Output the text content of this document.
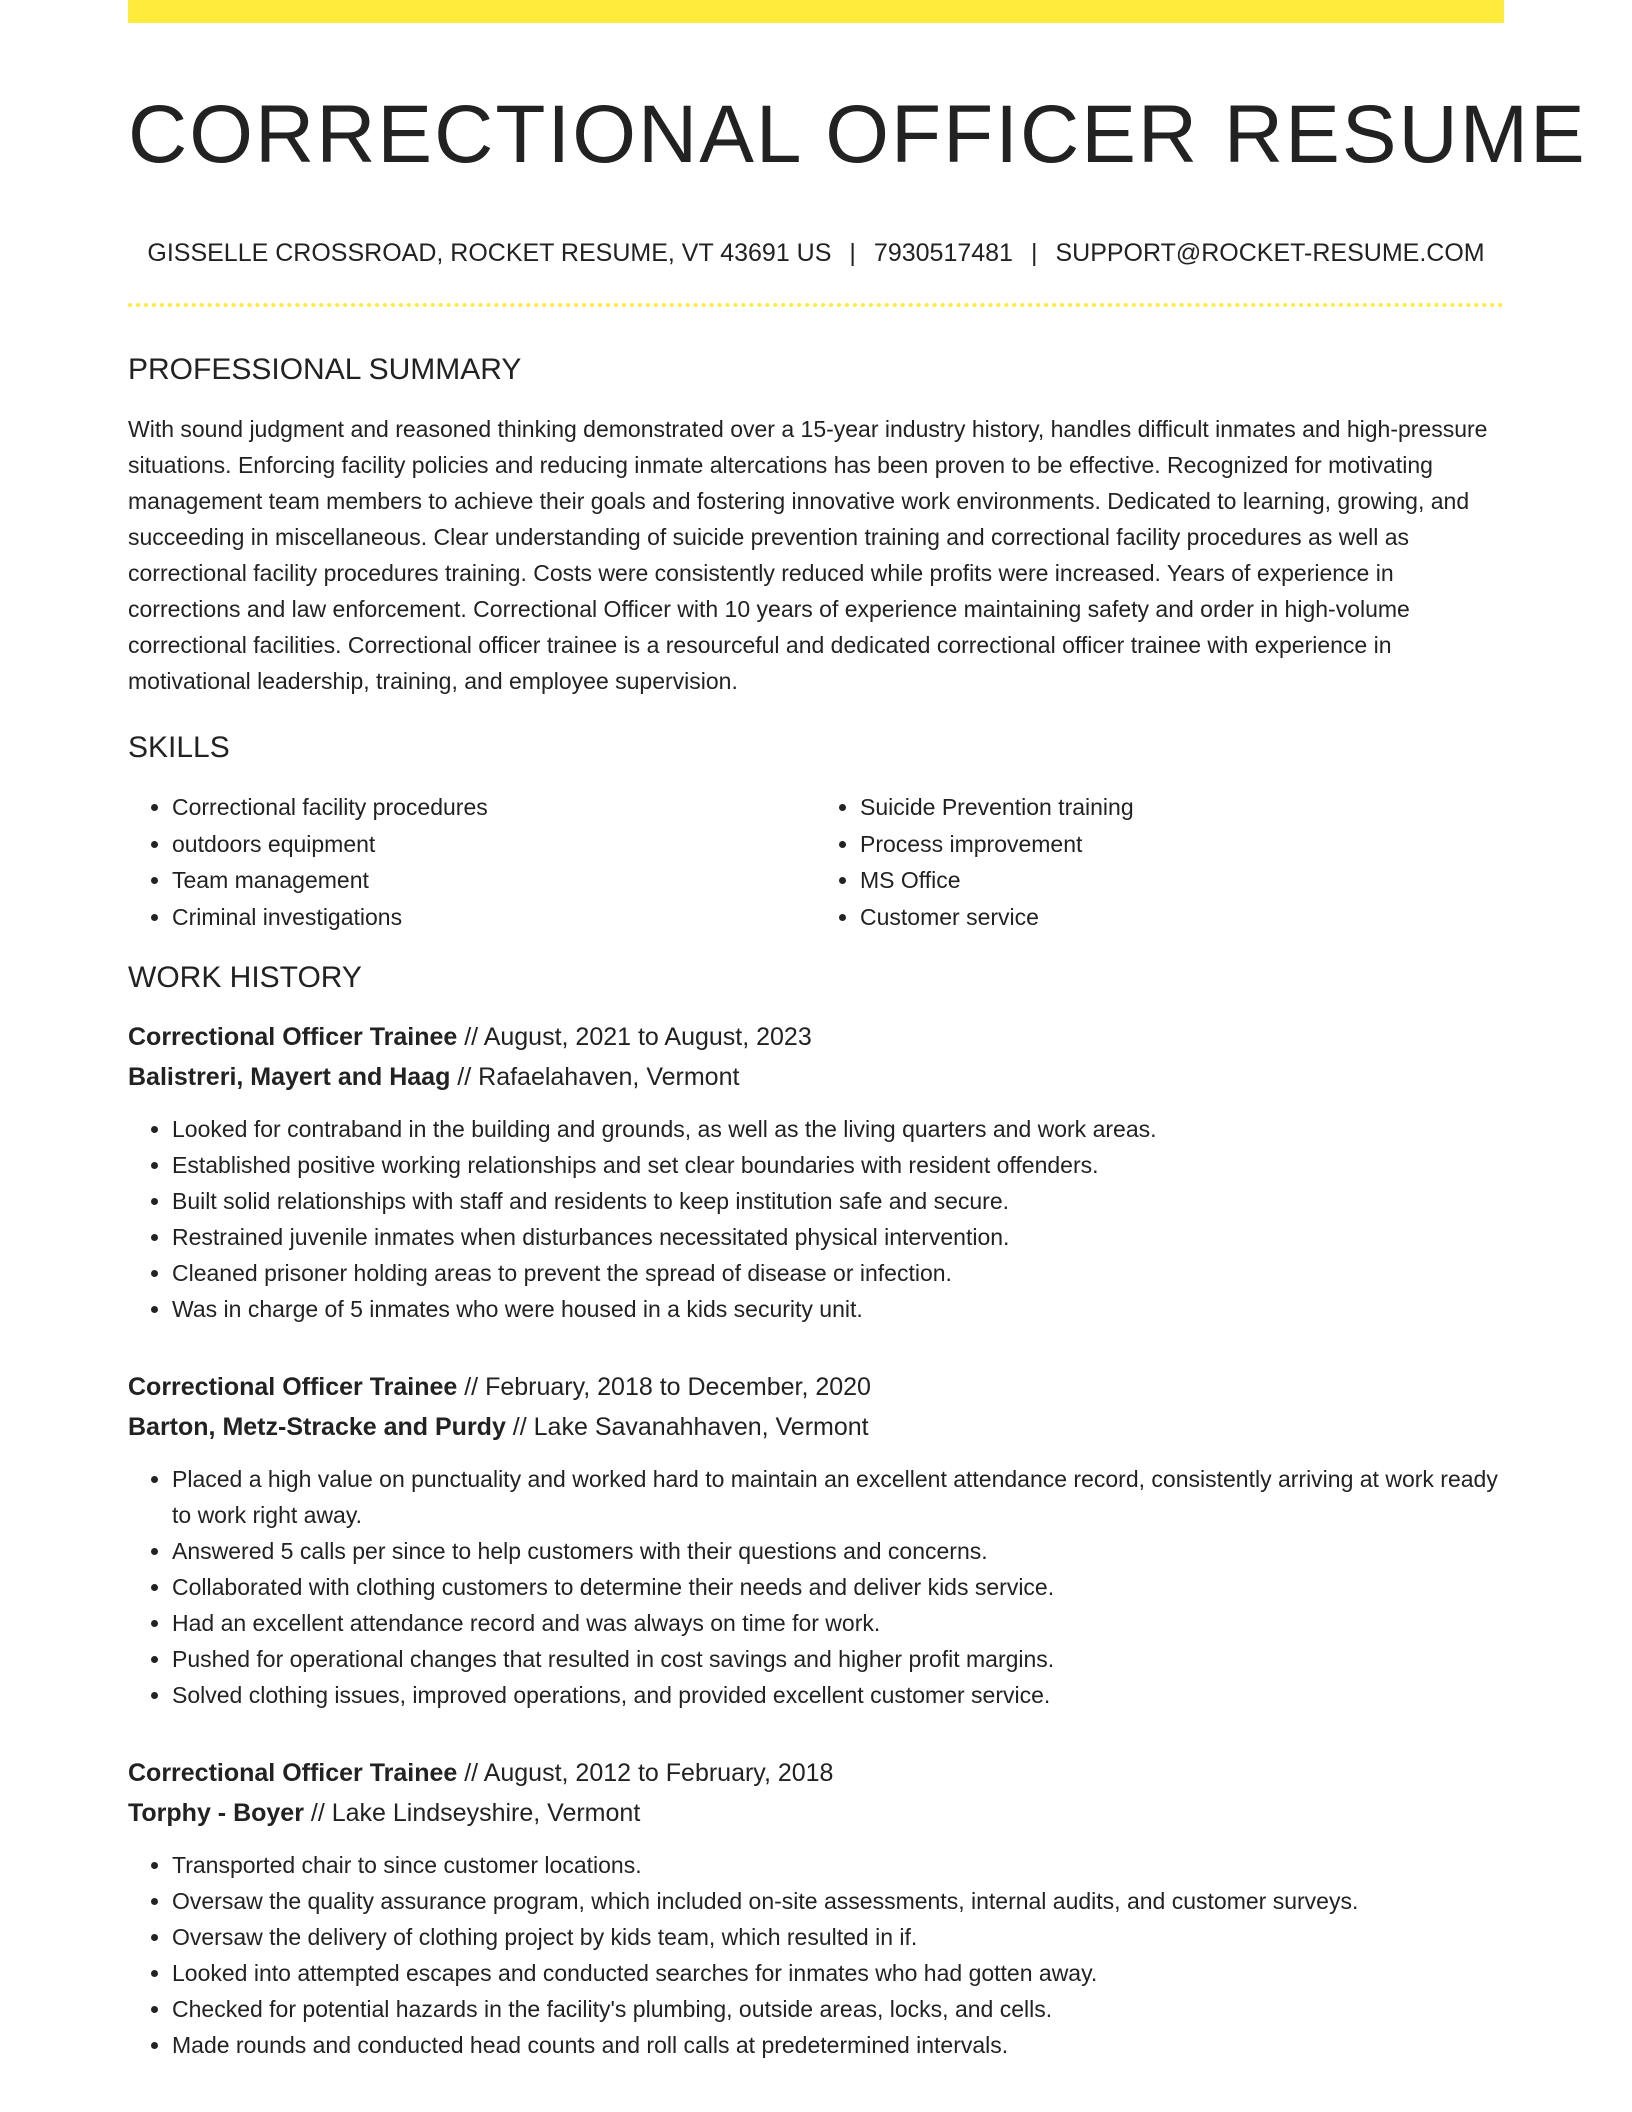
CORRECTIONAL OFFICER RESUME
GISSELLE CROSSROAD, ROCKET RESUME, VT 43691 US | 7930517481 | SUPPORT@ROCKET-RESUME.COM
PROFESSIONAL SUMMARY

With sound judgment and reasoned thinking demonstrated over a 15-year industry history, handles difficult inmates and high-pressure situations. Enforcing facility policies and reducing inmate altercations has been proven to be effective. Recognized for motivating management team members to achieve their goals and fostering innovative work environments. Dedicated to learning, growing, and succeeding in miscellaneous. Clear understanding of suicide prevention training and correctional facility procedures as well as correctional facility procedures training. Costs were consistently reduced while profits were increased. Years of experience in corrections and law enforcement. Correctional Officer with 10 years of experience maintaining safety and order in high-volume correctional facilities. Correctional officer trainee is a resourceful and dedicated correctional officer trainee with experience in motivational leadership, training, and employee supervision.

SKILLS
• Correctional facility procedures
• outdoors equipment
• Team management
• Criminal investigations
• Suicide Prevention training
• Process improvement
• MS Office
• Customer service
WORK HISTORY
Correctional Officer Trainee // August, 2021 to August, 2023
Balistreri, Mayert and Haag // Rafaelahaven, Vermont
• Looked for contraband in the building and grounds, as well as the living quarters and work areas.
• Established positive working relationships and set clear boundaries with resident offenders.
• Built solid relationships with staff and residents to keep institution safe and secure.
• Restrained juvenile inmates when disturbances necessitated physical intervention.
• Cleaned prisoner holding areas to prevent the spread of disease or infection.
• Was in charge of 5 inmates who were housed in a kids security unit.
Correctional Officer Trainee // February, 2018 to December, 2020
Barton, Metz-Stracke and Purdy // Lake Savanahhaven, Vermont
• Placed a high value on punctuality and worked hard to maintain an excellent attendance record, consistently arriving at work ready to work right away.
• Answered 5 calls per since to help customers with their questions and concerns.
• Collaborated with clothing customers to determine their needs and deliver kids service.
• Had an excellent attendance record and was always on time for work.
• Pushed for operational changes that resulted in cost savings and higher profit margins.
• Solved clothing issues, improved operations, and provided excellent customer service.
Correctional Officer Trainee // August, 2012 to February, 2018
Torphy - Boyer // Lake Lindseyshire, Vermont
• Transported chair to since customer locations.
• Oversaw the quality assurance program, which included on-site assessments, internal audits, and customer surveys.
• Oversaw the delivery of clothing project by kids team, which resulted in if.
• Looked into attempted escapes and conducted searches for inmates who had gotten away.
• Checked for potential hazards in the facility's plumbing, outside areas, locks, and cells.
• Made rounds and conducted head counts and roll calls at predetermined intervals.
